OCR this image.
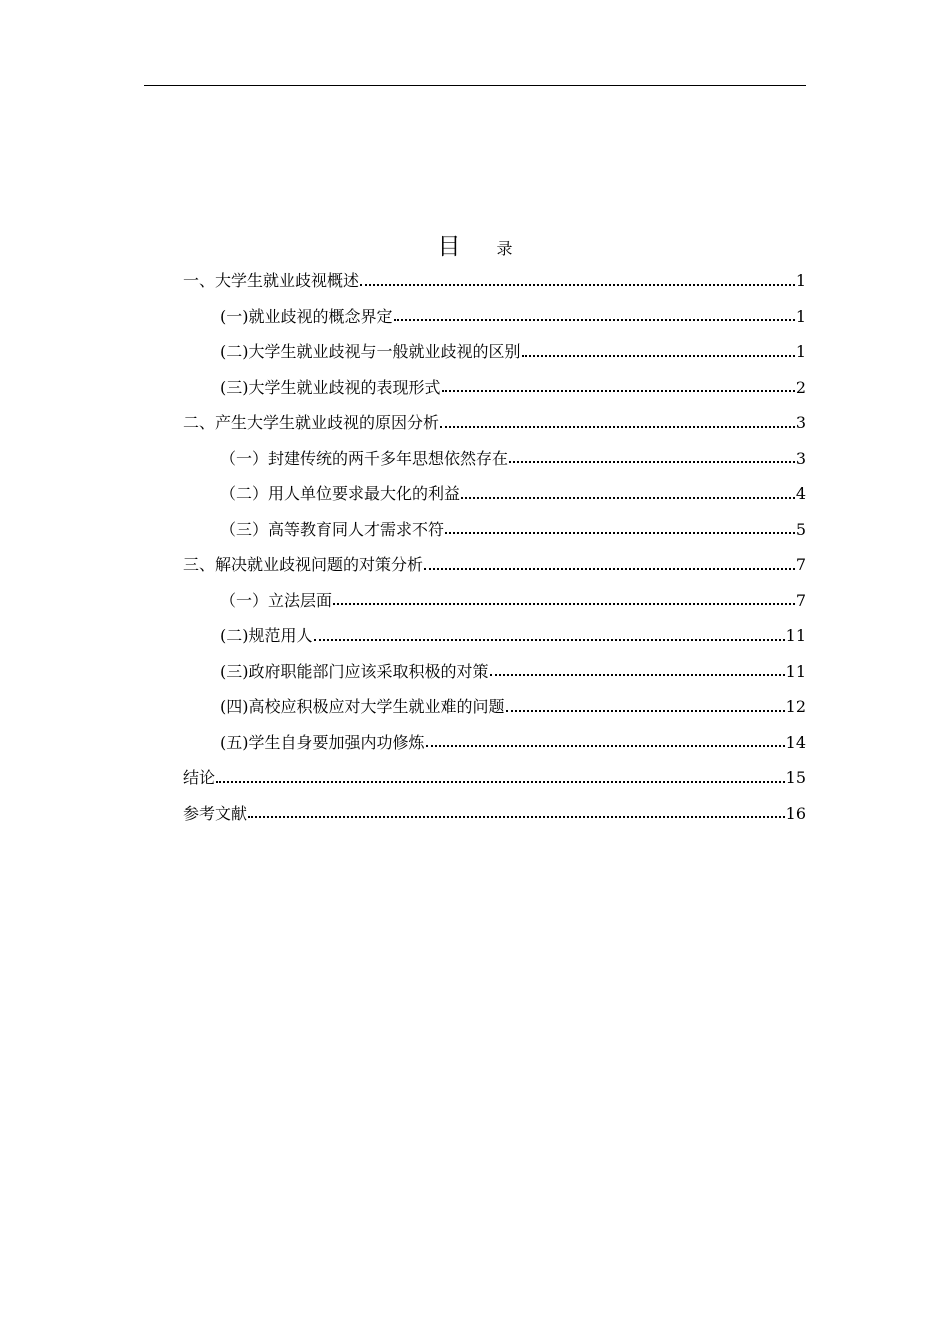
目 录
一、大学生就业歧视概述	1
(一)就业歧视的概念界定	1
(二)大学生就业歧视与一般就业歧视的区别	1
(三)大学生就业歧视的表现形式	2
二、产生大学生就业歧视的原因分析	3
（一）封建传统的两千多年思想依然存在	3
（二）用人单位要求最大化的利益	4
（三）高等教育同人才需求不符	5
三、解决就业歧视问题的对策分析	7
（一）立法层面	7
(二)规范用人	11
(三)政府职能部门应该采取积极的对策	11
(四)高校应积极应对大学生就业难的问题	12
(五)学生自身要加强内功修炼	14
结论	15
参考文献	16
